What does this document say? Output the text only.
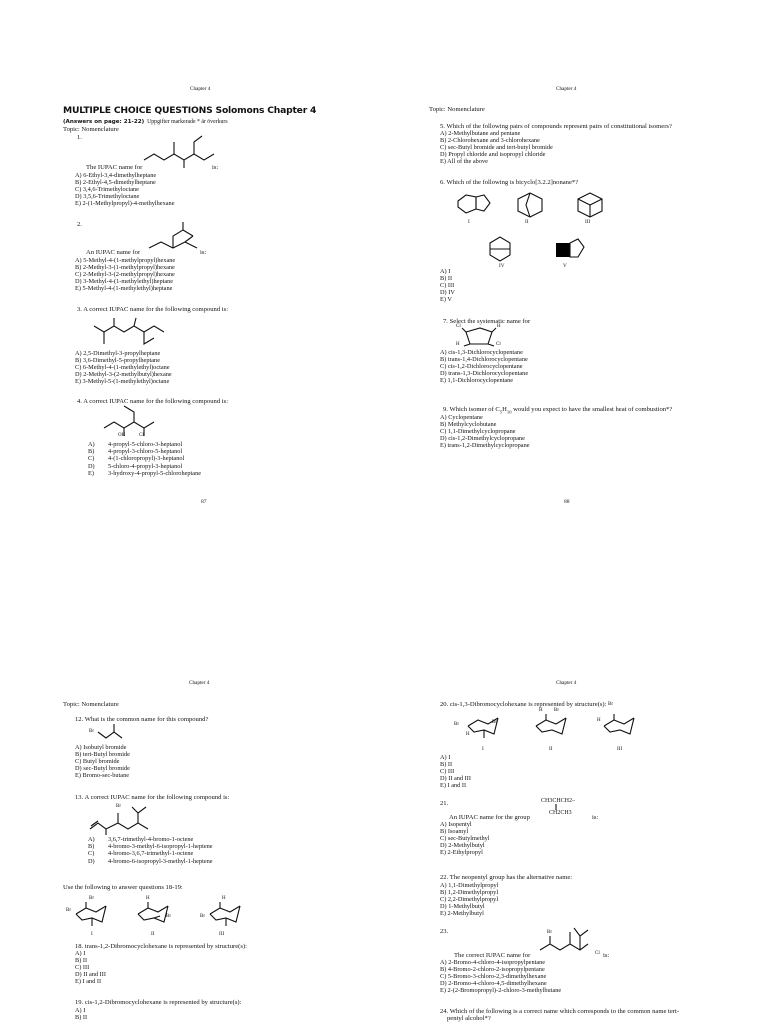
Chapter 4
MULTIPLE CHOICE QUESTIONS Solomons Chapter 4
(Answers on page: 21-22) Uppgifter markerade * är överkurs
Topic: Nomenclature
1.
The IUPAC name for	is:
A) 6-Ethyl-3,4-dimethylheptane
B) 2-Ethyl-4,5-dimethylheptane
C) 3,4,6-Trimethyloctane
D) 3,5,6-Trimethyloctane
E) 2-(1-Methylpropyl)-4-methylhexane
2.
An IUPAC name for	is:
A) 5-Methyl-4-(1-methylpropyl)hexane
B) 2-Methyl-3-(1-methylpropyl)hexane
C) 2-Methyl-3-(2-methylpropyl)hexane
D) 3-Methyl-4-(1-methylethyl)heptane
E) 5-Methyl-4-(1-methylethyl)heptane
3. A correct IUPAC name for the following compound is:
A) 2,5-Dimethyl-3-propylheptane
B) 3,6-Dimethyl-5-propylheptane
C) 6-Methyl-4-(1-methylethyl)octane
D) 2-Methyl-3-(2-methylbutyl)hexane
E) 3-Methyl-5-(1-methylethyl)octane
4. A correct IUPAC name for the following compound is:
OH	Cl
A) 4-propyl-5-chloro-3-heptanol
B) 4-propyl-3-chloro-5-heptanol
C) 4-(1-chloropropyl)-3-heptanol
D) 5-chloro-4-propyl-3-heptanol
E) 3-hydroxy-4-propyl-5-chloroheptane
87
Chapter 4
Topic: Nomenclature
5. Which of the following pairs of compounds represent pairs of constitutional isomers?
A) 2-Methylbutane and pentane
B) 2-Chlorohexane and 3-chlorohexane
C) sec-Butyl bromide and tert-butyl bromide
D) Propyl chloride and isopropyl chloride
E) All of the above
6. Which of the following is bicyclo[3.2.2]nonane*?
I	II	III
IV	V
A) I
B) II
C) III
D) IV
E) V
7. Select the systematic name for
Cl	H
H	Cl
A) cis-1,3-Dichlorocyclopentane
B) trans-1,4-Dichlorocyclopentane
C) cis-1,2-Dichlorocyclopentane
D) trans-1,3-Dichlorocyclopentane
E) 1,1-Dichlorocyclopentane
9. Which isomer of $C_5H_{10}$ would you expect to have the smallest heat of combustion*?
A) Cyclopentane
B) Methylcyclobutane
C) 1,1-Dimethylcyclopropane
D) cis-1,2-Dimethylcyclopropane
E) trans-1,2-Dimethylcyclopropane
88
Chapter 4
Topic: Nomenclature
12. What is the common name for this compound?
Br
A) Isobutyl bromide
B) tert-Butyl bromide
C) Butyl bromide
D) sec-Butyl bromide
E) Bromo-sec-butane
13. A correct IUPAC name for the following compound is:
Br
A) 3,6,7-trimethyl-4-bromo-1-octene
B) 4-bromo-3-methyl-6-isopropyl-1-heptene
C) 4-bromo-3,6,7-trimethyl-1-octene
D) 4-bromo-6-isopropyl-3-methyl-1-heptene
Use the following to answer questions 18-19:
Br
Br	H
Br	Br
H
I	II	III
18. trans-1,2-Dibromocyclohexane is represented by structure(s):
A) I
B) II
C) III
D) II and III
E) I and II
19. cis-1,2-Dibromocyclohexane is represented by structure(s):
A) I
B) II
Chapter 4
20. cis-1,3-Dibromocyclohexane is represented by structure(s):
Br	Br
H
H Br
Br
H
I	II	III
A) I
B) II
C) III
D) II and III
E) I and II
21.	CH3CHCH2–
CH2CH3
An IUPAC name for the group	is:
A) Isopentyl
B) Isoamyl
C) sec-Butylmethyl
D) 2-Methylbutyl
E) 2-Ethylpropyl
22. The neopentyl group has the alternative name:
A) 1,1-Dimethylpropyl
B) 1,2-Dimethylpropyl
C) 2,2-Dimethylpropyl
D) 1-Methylbutyl
E) 2-Methylbutyl
23.	Br
Cl
The correct IUPAC name for	is:
A) 2-Bromo-4-chloro-4-isopropylpentane
B) 4-Bromo-2-chloro-2-isopropylpentane
C) 5-Bromo-3-chloro-2,3-dimethylhexane
D) 2-Bromo-4-chloro-4,5-dimethylhexane
E) 2-(2-Bromopropyl)-2-chloro-3-methylbutane
24. Which of the following is a correct name which corresponds to the common name tert-
pentyl alcohol*?
